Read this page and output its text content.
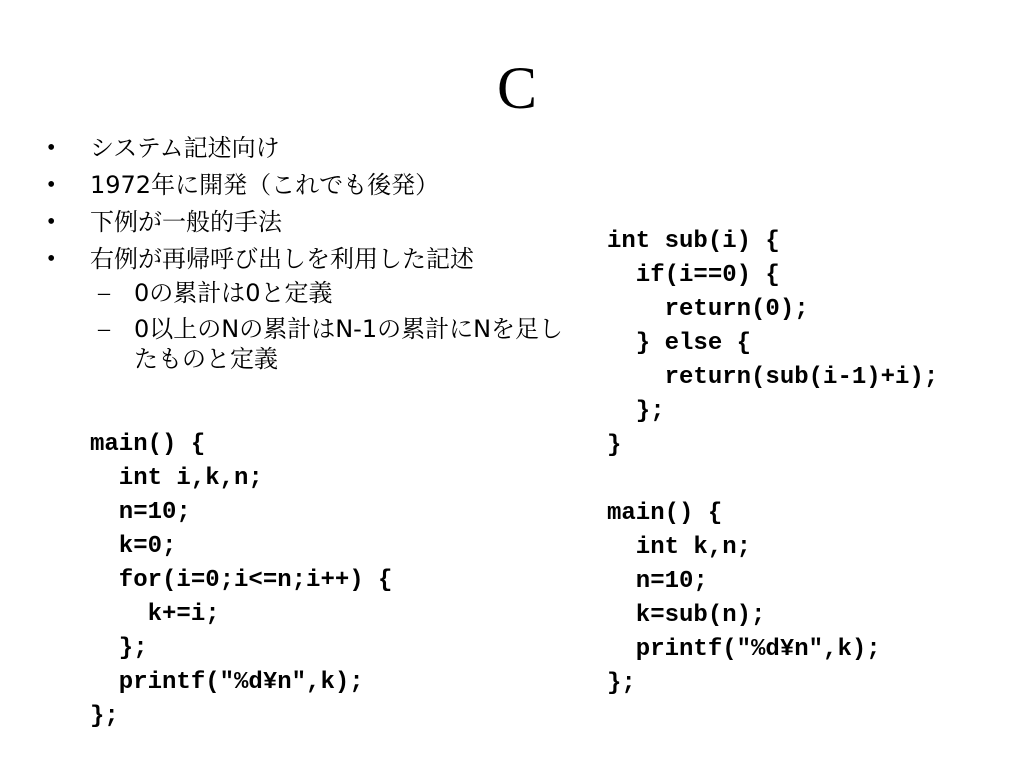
C
• システム記述向け
• 1972年に開発（これでも後発）
• 下例が一般的手法
• 右例が再帰呼び出しを利用した記述
– 0の累計は0と定義
– 0以上のNの累計はN-1の累計にNを足したものと定義
main() {
int i,k,n;
n=10;
k=0;
for(i=0;i<=n;i++) {
k+=i;
};
printf("%d¥n",k);
};
int sub(i) {
if(i==0) {
return(0);
} else {
return(sub(i-1)+i);
};
}
main() {
int k,n;
n=10;
k=sub(n);
printf("%d¥n",k);
};
